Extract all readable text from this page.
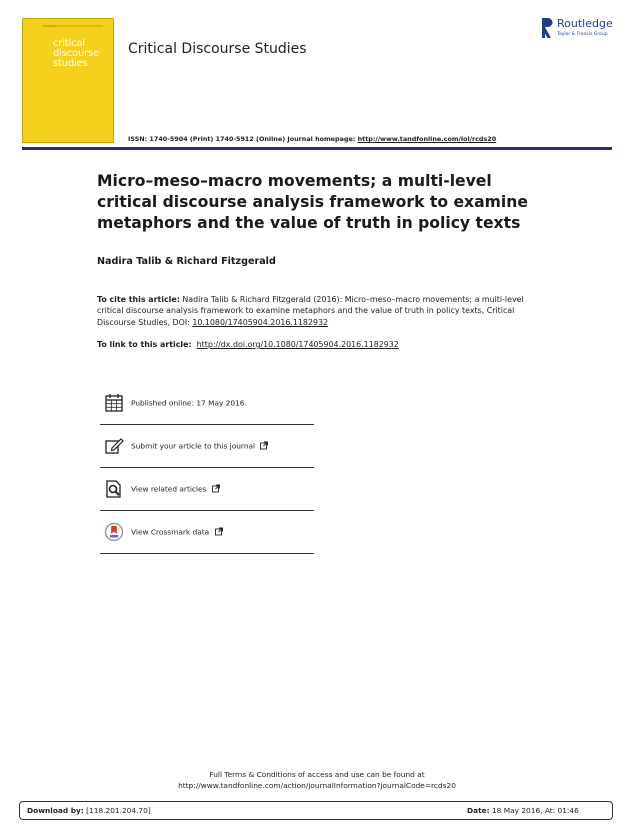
critical
discourse
studies
Critical Discourse Studies
Routledge
Taylor & Francis Group
ISSN: 1740-5904 (Print) 1740-5912 (Online) Journal homepage: http://www.tandfonline.com/loi/rcds20
Micro–meso–macro movements; a multi-level critical discourse analysis framework to examine metaphors and the value of truth in policy texts
Nadira Talib & Richard Fitzgerald
To cite this article: Nadira Talib & Richard Fitzgerald (2016): Micro–meso–macro movements; a multi-level critical discourse analysis framework to examine metaphors and the value of truth in policy texts, Critical Discourse Studies, DOI: 10.1080/17405904.2016.1182932
To link to this article: http://dx.doi.org/10.1080/17405904.2016.1182932
Published online: 17 May 2016.
Submit your article to this journal
View related articles
View Crossmark data
Full Terms & Conditions of access and use can be found at
http://www.tandfonline.com/action/journalInformation?journalCode=rcds20
Download by: [118.201.204.70]	Date: 18 May 2016, At: 01:46
